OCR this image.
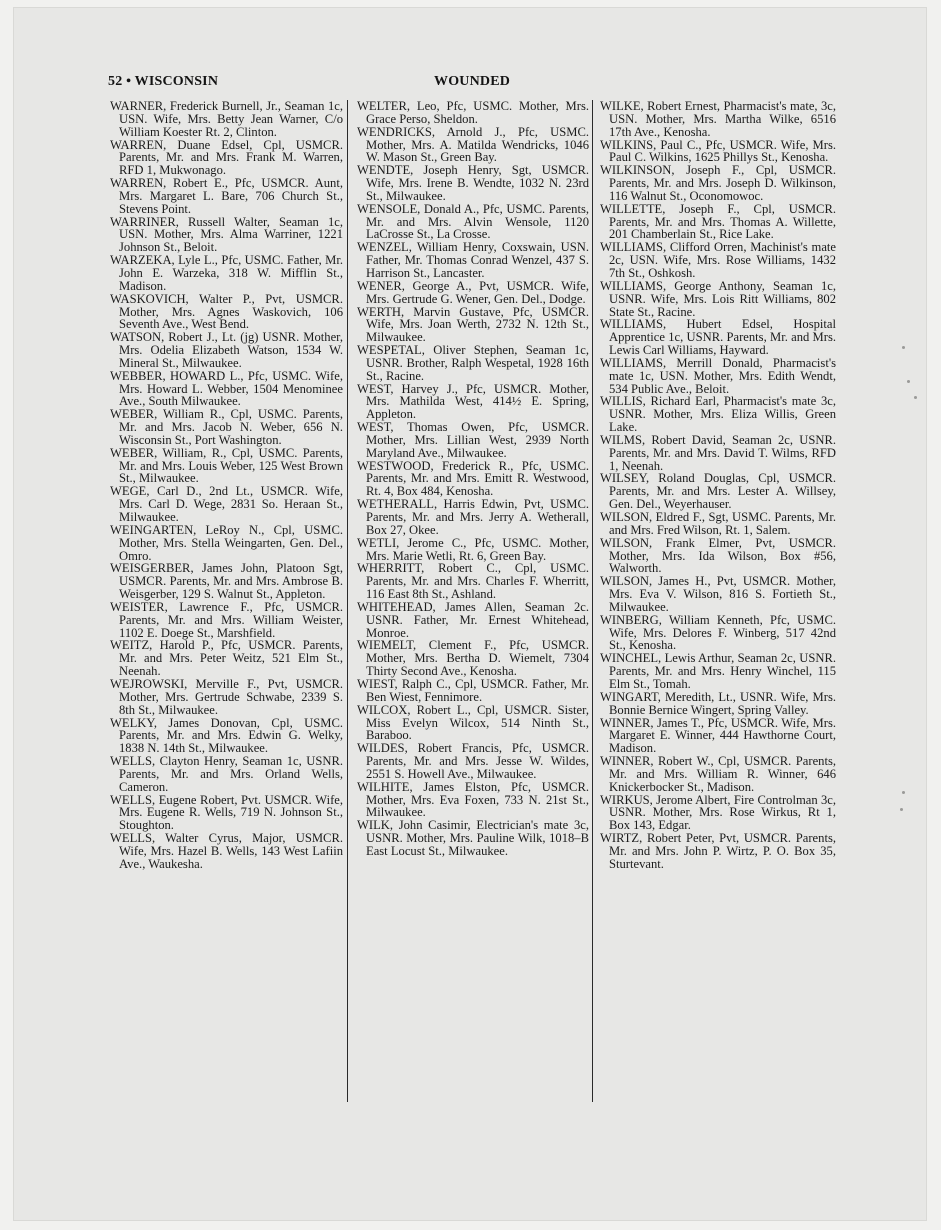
52 • WISCONSIN	WOUNDED

WARNER, Frederick Burnell, Jr., Seaman 1c, USN. Wife, Mrs. Betty Jean Warner, C/o William Koester Rt. 2, Clinton.

WARREN, Duane Edsel, Cpl, USMCR. Parents, Mr. and Mrs. Frank M. Warren, RFD 1, Mukwonago.

WARREN, Robert E., Pfc, USMCR. Aunt, Mrs. Margaret L. Bare, 706 Church St., Stevens Point.

WARRINER, Russell Walter, Seaman 1c, USN. Mother, Mrs. Alma Warriner, 1221 Johnson St., Beloit.

WARZEKA, Lyle L., Pfc, USMC. Father, Mr. John E. Warzeka, 318 W. Mifflin St., Madison.

WASKOVICH, Walter P., Pvt, USMCR. Mother, Mrs. Agnes Waskovich, 106 Seventh Ave., West Bend.

WATSON, Robert J., Lt. (jg) USNR. Mother, Mrs. Odelia Elizabeth Watson, 1534 W. Mineral St., Milwaukee.

WEBBER, HOWARD L., Pfc, USMC. Wife, Mrs. Howard L. Webber, 1504 Menominee Ave., South Milwaukee.

WEBER, William R., Cpl, USMC. Parents, Mr. and Mrs. Jacob N. Weber, 656 N. Wisconsin St., Port Washington.

WEBER, William, R., Cpl, USMC. Parents, Mr. and Mrs. Louis Weber, 125 West Brown St., Milwaukee.

WEGE, Carl D., 2nd Lt., USMCR. Wife, Mrs. Carl D. Wege, 2831 So. Heraan St., Milwaukee.

WEINGARTEN, LeRoy N., Cpl, USMC. Mother, Mrs. Stella Weingarten, Gen. Del., Omro.

WEISGERBER, James John, Platoon Sgt, USMCR. Parents, Mr. and Mrs. Ambrose B. Weisgerber, 129 S. Walnut St., Appleton.

WEISTER, Lawrence F., Pfc, USMCR. Parents, Mr. and Mrs. William Weister, 1102 E. Doege St., Marshfield.

WEITZ, Harold P., Pfc, USMCR. Parents, Mr. and Mrs. Peter Weitz, 521 Elm St., Neenah.

WEJROWSKI, Merville F., Pvt, USMCR. Mother, Mrs. Gertrude Schwabe, 2339 S. 8th St., Milwaukee.

WELKY, James Donovan, Cpl, USMC. Parents, Mr. and Mrs. Edwin G. Welky, 1838 N. 14th St., Milwaukee.

WELLS, Clayton Henry, Seaman 1c, USNR. Parents, Mr. and Mrs. Orland Wells, Cameron.

WELLS, Eugene Robert, Pvt. USMCR. Wife, Mrs. Eugene R. Wells, 719 N. Johnson St., Stoughton.

WELLS, Walter Cyrus, Major, USMCR. Wife, Mrs. Hazel B. Wells, 143 West Lafiin Ave., Waukesha.

WELTER, Leo, Pfc, USMC. Mother, Mrs. Grace Perso, Sheldon.

WENDRICKS, Arnold J., Pfc, USMC. Mother, Mrs. A. Matilda Wendricks, 1046 W. Mason St., Green Bay.

WENDTE, Joseph Henry, Sgt, USMCR. Wife, Mrs. Irene B. Wendte, 1032 N. 23rd St., Milwaukee.

WENSOLE, Donald A., Pfc, USMC. Parents, Mr. and Mrs. Alvin Wensole, 1120 LaCrosse St., La Crosse.

WENZEL, William Henry, Coxswain, USN. Father, Mr. Thomas Conrad Wenzel, 437 S. Harrison St., Lancaster.

WENER, George A., Pvt, USMCR. Wife, Mrs. Gertrude G. Wener, Gen. Del., Dodge.

WERTH, Marvin Gustave, Pfc, USMCR. Wife, Mrs. Joan Werth, 2732 N. 12th St., Milwaukee.

WESPETAL, Oliver Stephen, Seaman 1c, USNR. Brother, Ralph Wespetal, 1928 16th St., Racine.

WEST, Harvey J., Pfc, USMCR. Mother, Mrs. Mathilda West, 414½ E. Spring, Appleton.

WEST, Thomas Owen, Pfc, USMCR. Mother, Mrs. Lillian West, 2939 North Maryland Ave., Milwaukee.

WESTWOOD, Frederick R., Pfc, USMC. Parents, Mr. and Mrs. Emitt R. Westwood, Rt. 4, Box 484, Kenosha.

WETHERALL, Harris Edwin, Pvt, USMC. Parents, Mr. and Mrs. Jerry A. Wetherall, Box 27, Okee.

WETLI, Jerome C., Pfc, USMC. Mother, Mrs. Marie Wetli, Rt. 6, Green Bay.

WHERRITT, Robert C., Cpl, USMC. Parents, Mr. and Mrs. Charles F. Wherritt, 116 East 8th St., Ashland.

WHITEHEAD, James Allen, Seaman 2c. USNR. Father, Mr. Ernest Whitehead, Monroe.

WIEMELT, Clement F., Pfc, USMCR. Mother, Mrs. Bertha D. Wiemelt, 7304 Thirty Second Ave., Kenosha.

WIEST, Ralph C., Cpl, USMCR. Father, Mr. Ben Wiest, Fennimore.

WILCOX, Robert L., Cpl, USMCR. Sister, Miss Evelyn Wilcox, 514 Ninth St., Baraboo.

WILDES, Robert Francis, Pfc, USMCR. Parents, Mr. and Mrs. Jesse W. Wildes, 2551 S. Howell Ave., Milwaukee.

WILHITE, James Elston, Pfc, USMCR. Mother, Mrs. Eva Foxen, 733 N. 21st St., Milwaukee.

WILK, John Casimir, Electrician's mate 3c, USNR. Mother, Mrs. Pauline Wilk, 1018–B East Locust St., Milwaukee.

WILKE, Robert Ernest, Pharmacist's mate, 3c, USN. Mother, Mrs. Martha Wilke, 6516 17th Ave., Kenosha.

WILKINS, Paul C., Pfc, USMCR. Wife, Mrs. Paul C. Wilkins, 1625 Phillys St., Kenosha.

WILKINSON, Joseph F., Cpl, USMCR. Parents, Mr. and Mrs. Joseph D. Wilkinson, 116 Walnut St., Oconomowoc.

WILLETTE, Joseph F., Cpl, USMCR. Parents, Mr. and Mrs. Thomas A. Willette, 201 Chamberlain St., Rice Lake.

WILLIAMS, Clifford Orren, Machinist's mate 2c, USN. Wife, Mrs. Rose Williams, 1432 7th St., Oshkosh.

WILLIAMS, George Anthony, Seaman 1c, USNR. Wife, Mrs. Lois Ritt Williams, 802 State St., Racine.

WILLIAMS, Hubert Edsel, Hospital Apprentice 1c, USNR. Parents, Mr. and Mrs. Lewis Carl Williams, Hayward.

WILLIAMS, Merrill Donald, Pharmacist's mate 1c, USN. Mother, Mrs. Edith Wendt, 534 Public Ave., Beloit.

WILLIS, Richard Earl, Pharmacist's mate 3c, USNR. Mother, Mrs. Eliza Willis, Green Lake.

WILMS, Robert David, Seaman 2c, USNR. Parents, Mr. and Mrs. David T. Wilms, RFD 1, Neenah.

WILSEY, Roland Douglas, Cpl, USMCR. Parents, Mr. and Mrs. Lester A. Willsey, Gen. Del., Weyerhauser.

WILSON, Eldred F., Sgt, USMC. Parents, Mr. and Mrs. Fred Wilson, Rt. 1, Salem.

WILSON, Frank Elmer, Pvt, USMCR. Mother, Mrs. Ida Wilson, Box #56, Walworth.

WILSON, James H., Pvt, USMCR. Mother, Mrs. Eva V. Wilson, 816 S. Fortieth St., Milwaukee.

WINBERG, William Kenneth, Pfc, USMC. Wife, Mrs. Delores F. Winberg, 517 42nd St., Kenosha.

WINCHEL, Lewis Arthur, Seaman 2c, USNR. Parents, Mr. and Mrs. Henry Winchel, 115 Elm St., Tomah.

WINGART, Meredith, Lt., USNR. Wife, Mrs. Bonnie Bernice Wingert, Spring Valley.

WINNER, James T., Pfc, USMCR. Wife, Mrs. Margaret E. Winner, 444 Hawthorne Court, Madison.

WINNER, Robert W., Cpl, USMCR. Parents, Mr. and Mrs. William R. Winner, 646 Knickerbocker St., Madison.

WIRKUS, Jerome Albert, Fire Controlman 3c, USNR. Mother, Mrs. Rose Wirkus, Rt 1, Box 143, Edgar.

WIRTZ, Robert Peter, Pvt, USMCR. Parents, Mr. and Mrs. John P. Wirtz, P. O. Box 35, Sturtevant.
